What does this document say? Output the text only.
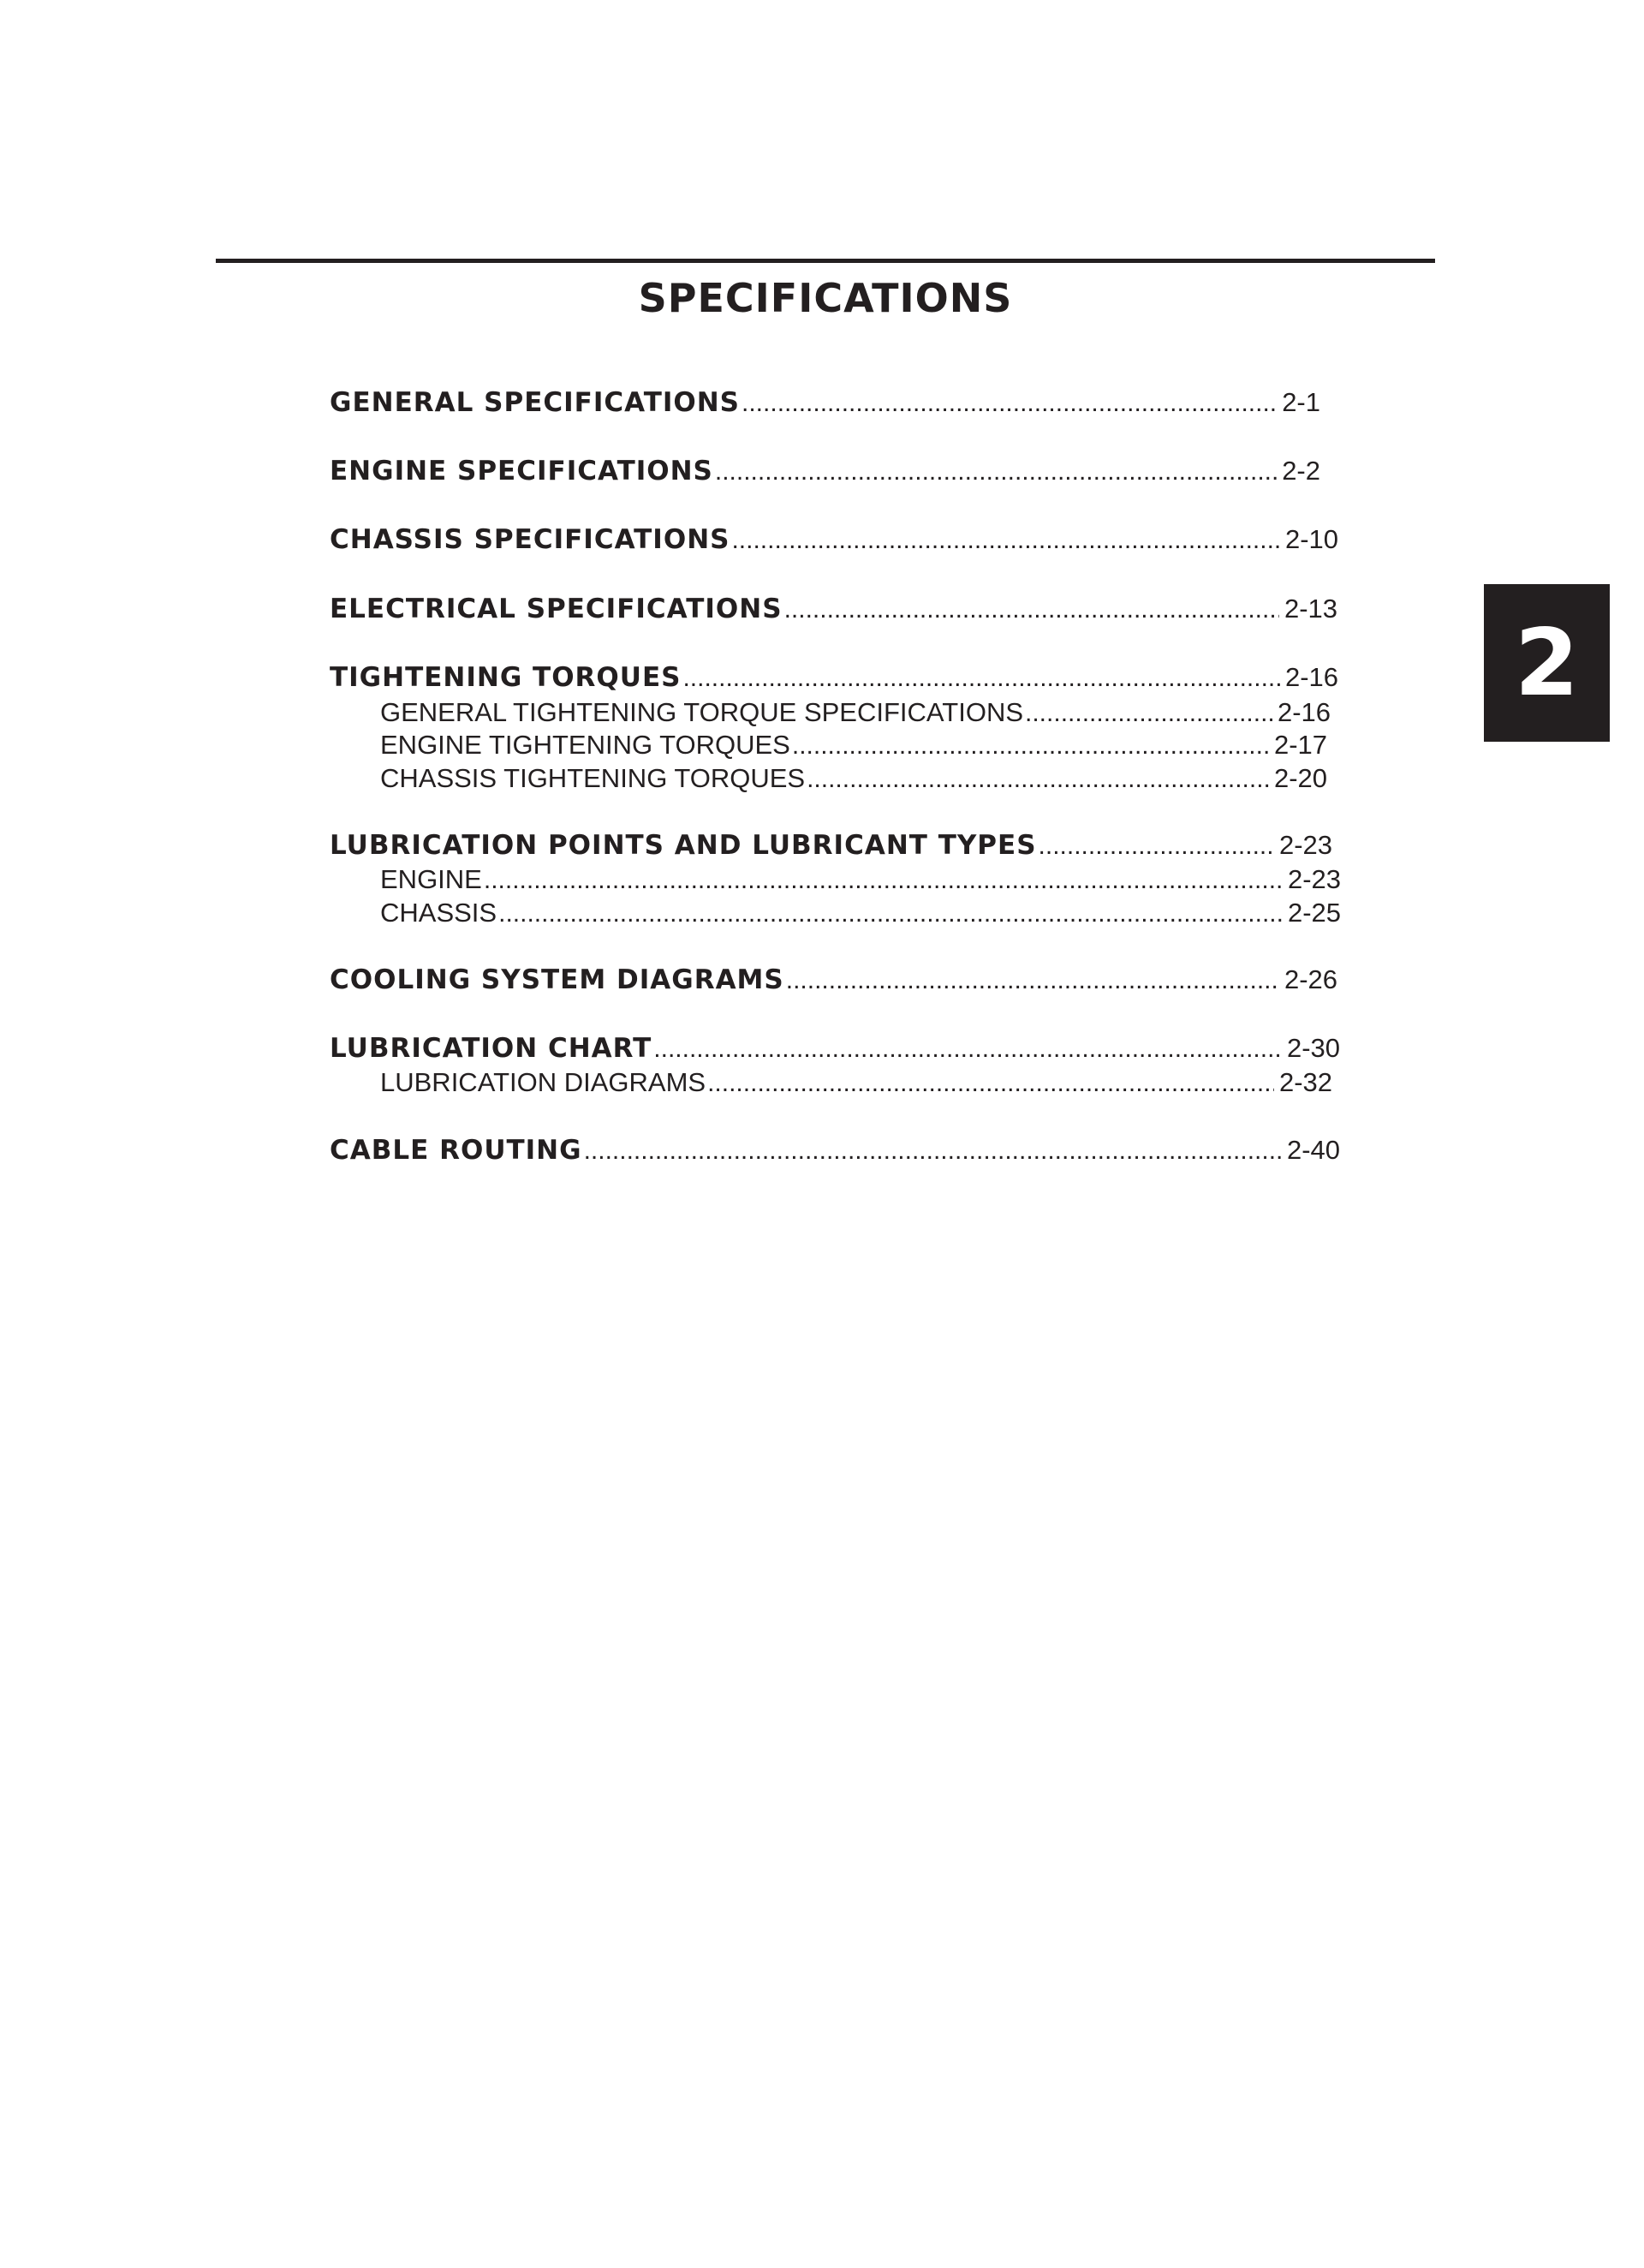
SPECIFICATIONS
GENERAL SPECIFICATIONS .....	2-1
ENGINE SPECIFICATIONS .....	2-2
CHASSIS SPECIFICATIONS .....	2-10
ELECTRICAL SPECIFICATIONS .....	2-13
TIGHTENING TORQUES .....	2-16
GENERAL TIGHTENING TORQUE SPECIFICATIONS .....	2-16
ENGINE TIGHTENING TORQUES .....	2-17
CHASSIS TIGHTENING TORQUES .....	2-20
LUBRICATION POINTS AND LUBRICANT TYPES .....	2-23
ENGINE .....	2-23
CHASSIS .....	2-25
COOLING SYSTEM DIAGRAMS .....	2-26
LUBRICATION CHART .....	2-30
LUBRICATION DIAGRAMS .....	2-32
CABLE ROUTING .....	2-40
2
